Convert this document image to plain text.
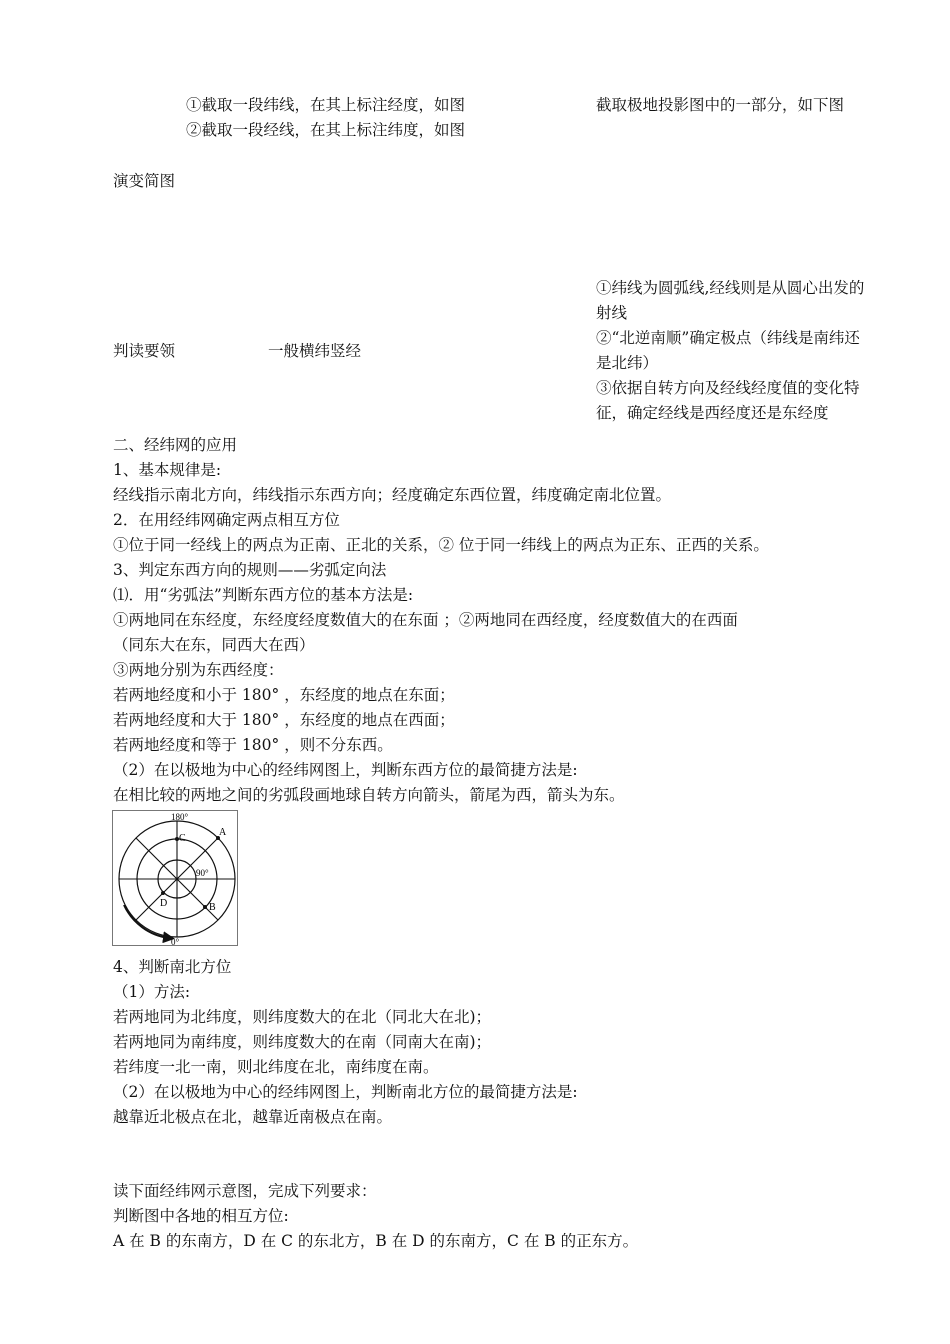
①截取一段纬线，在其上标注经度，如图	截取极地投影图中的一部分，如下图
②截取一段经线，在其上标注纬度，如图
演变简图
判读要领	一般横纬竖经
①纬线为圆弧线,经线则是从圆心出发的
射线
②“北逆南顺”确定极点（纬线是南纬还
是北纬）
③依据自转方向及经线经度值的变化特
征，确定经线是西经度还是东经度
二、经纬网的应用
1、基本规律是:
经线指示南北方向，纬线指示东西方向；经度确定东西位置，纬度确定南北位置。
2．在用经纬网确定两点相互方位
①位于同一经线上的两点为正南、正北的关系，② 位于同一纬线上的两点为正东、正西的关系。
3、判定东西方向的规则——劣弧定向法
⑴．用“劣弧法”判断东西方位的基本方法是:
①两地同在东经度，东经度经度数值大的在东面 ；②两地同在西经度，经度数值大的在西面
（同东大在东，同西大在西）
③两地分别为东西经度：
若两地经度和小于 180° ，东经度的地点在东面；
若两地经度和大于 180° ，东经度的地点在西面；
若两地经度和等于 180° ，则不分东西。
（2）在以极地为中心的经纬网图上，判断东西方位的最简捷方法是:
在相比较的两地之间的劣弧段画地球自转方向箭头，箭尾为西，箭头为东。
180°
0°
90°
A
B
C
D
4、判断南北方位
（1）方法:
若两地同为北纬度，则纬度数大的在北（同北大在北)；
若两地同为南纬度，则纬度数大的在南（同南大在南)；
若纬度一北一南，则北纬度在北，南纬度在南。
（2）在以极地为中心的经纬网图上，判断南北方位的最简捷方法是:
越靠近北极点在北，越靠近南极点在南。
读下面经纬网示意图，完成下列要求：
判断图中各地的相互方位:
A 在 B 的东南方，D 在 C 的东北方，B 在 D 的东南方，C 在 B 的正东方。
